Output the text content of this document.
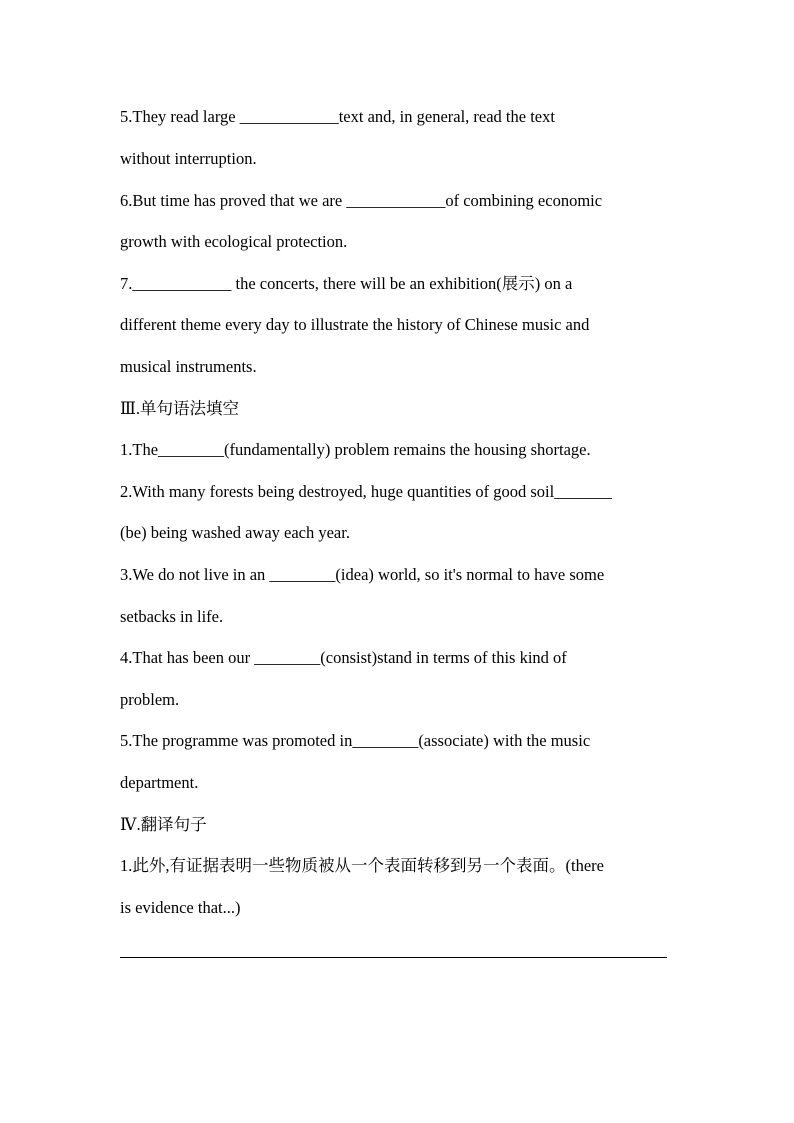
5.They read large ____________text and, in general, read the text
without interruption.
6.But time has proved that we are ____________of combining economic
growth with ecological protection.
7.____________ the concerts, there will be an exhibition(展示) on a
different theme every day to illustrate the history of Chinese music and
musical instruments.
Ⅲ.单句语法填空
1.The________(fundamentally) problem remains the housing shortage.
2.With many forests being destroyed, huge quantities of good soil_______
(be) being washed away each year.
3.We do not live in an ________(idea) world, so it's normal to have some
setbacks in life.
4.That has been our ________(consist)stand in terms of this kind of
problem.
5.The programme was promoted in________(associate) with the music
department.
Ⅳ.翻译句子
1.此外,有证据表明一些物质被从一个表面转移到另一个表面。(there
is evidence that...)
